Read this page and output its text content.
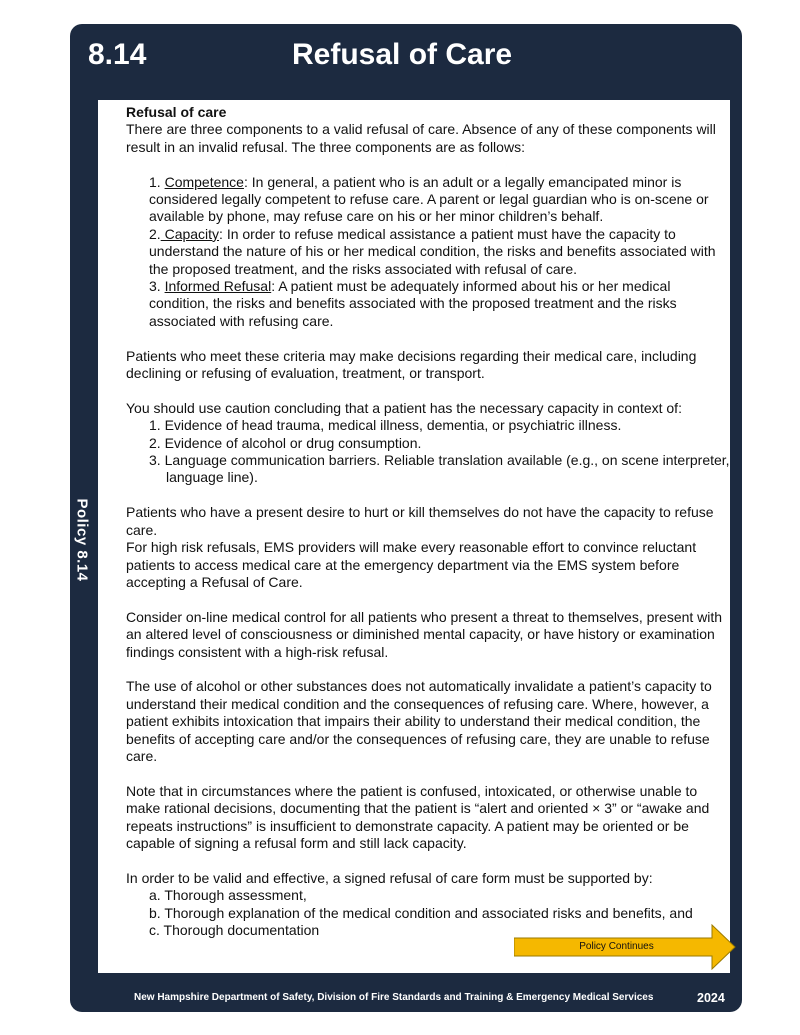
8.14	Refusal of Care
Policy 8.14

Refusal of care

There are three components to a valid refusal of care. Absence of any of these components will result in an invalid refusal. The three components are as follows:

1. Competence: In general, a patient who is an adult or a legally emancipated minor is considered legally competent to refuse care. A parent or legal guardian who is on-scene or available by phone, may refuse care on his or her minor children’s behalf.

2. Capacity: In order to refuse medical assistance a patient must have the capacity to understand the nature of his or her medical condition, the risks and benefits associated with the proposed treatment, and the risks associated with refusal of care.

3. Informed Refusal: A patient must be adequately informed about his or her medical condition, the risks and benefits associated with the proposed treatment and the risks associated with refusing care.

Patients who meet these criteria may make decisions regarding their medical care, including declining or refusing of evaluation, treatment, or transport.

You should use caution concluding that a patient has the necessary capacity in context of:

1. Evidence of head trauma, medical illness, dementia, or psychiatric illness.

2. Evidence of alcohol or drug consumption.

3. Language communication barriers. Reliable translation available (e.g., on scene interpreter, language line).

Patients who have a present desire to hurt or kill themselves do not have the capacity to refuse care.

For high risk refusals, EMS providers will make every reasonable effort to convince reluctant patients to access medical care at the emergency department via the EMS system before accepting a Refusal of Care.

Consider on-line medical control for all patients who present a threat to themselves, present with an altered level of consciousness or diminished mental capacity, or have history or examination findings consistent with a high-risk refusal.

The use of alcohol or other substances does not automatically invalidate a patient’s capacity to understand their medical condition and the consequences of refusing care. Where, however, a patient exhibits intoxication that impairs their ability to understand their medical condition, the benefits of accepting care and/or the consequences of refusing care, they are unable to refuse care.

Note that in circumstances where the patient is confused, intoxicated, or otherwise unable to make rational decisions, documenting that the patient is “alert and oriented × 3” or “awake and repeats instructions” is insufficient to demonstrate capacity. A patient may be oriented or be capable of signing a refusal form and still lack capacity.

In order to be valid and effective, a signed refusal of care form must be supported by:

a. Thorough assessment,

b. Thorough explanation of the medical condition and associated risks and benefits, and

c. Thorough documentation

Policy Continues
New Hampshire Department of Safety, Division of Fire Standards and Training & Emergency Medical Services	2024
